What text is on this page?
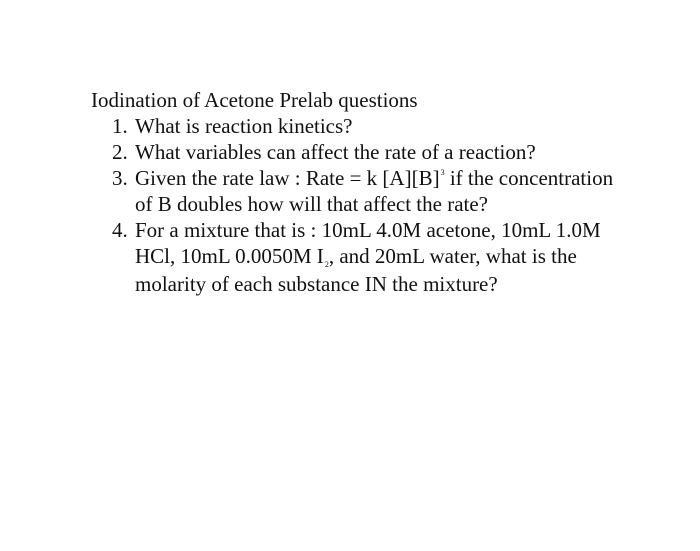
Iodination of Acetone Prelab questions
1. What is reaction kinetics?
2. What variables can affect the rate of a reaction?
3. Given the rate law : Rate = k $[A][B]^3$ if the concentration
of B doubles how will that affect the rate?
4. For a mixture that is : 10mL 4.0M acetone, 10mL 1.0M
HCl, 10mL 0.0050M $I_2$, and 20mL water, what is the
molarity of each substance IN the mixture?
